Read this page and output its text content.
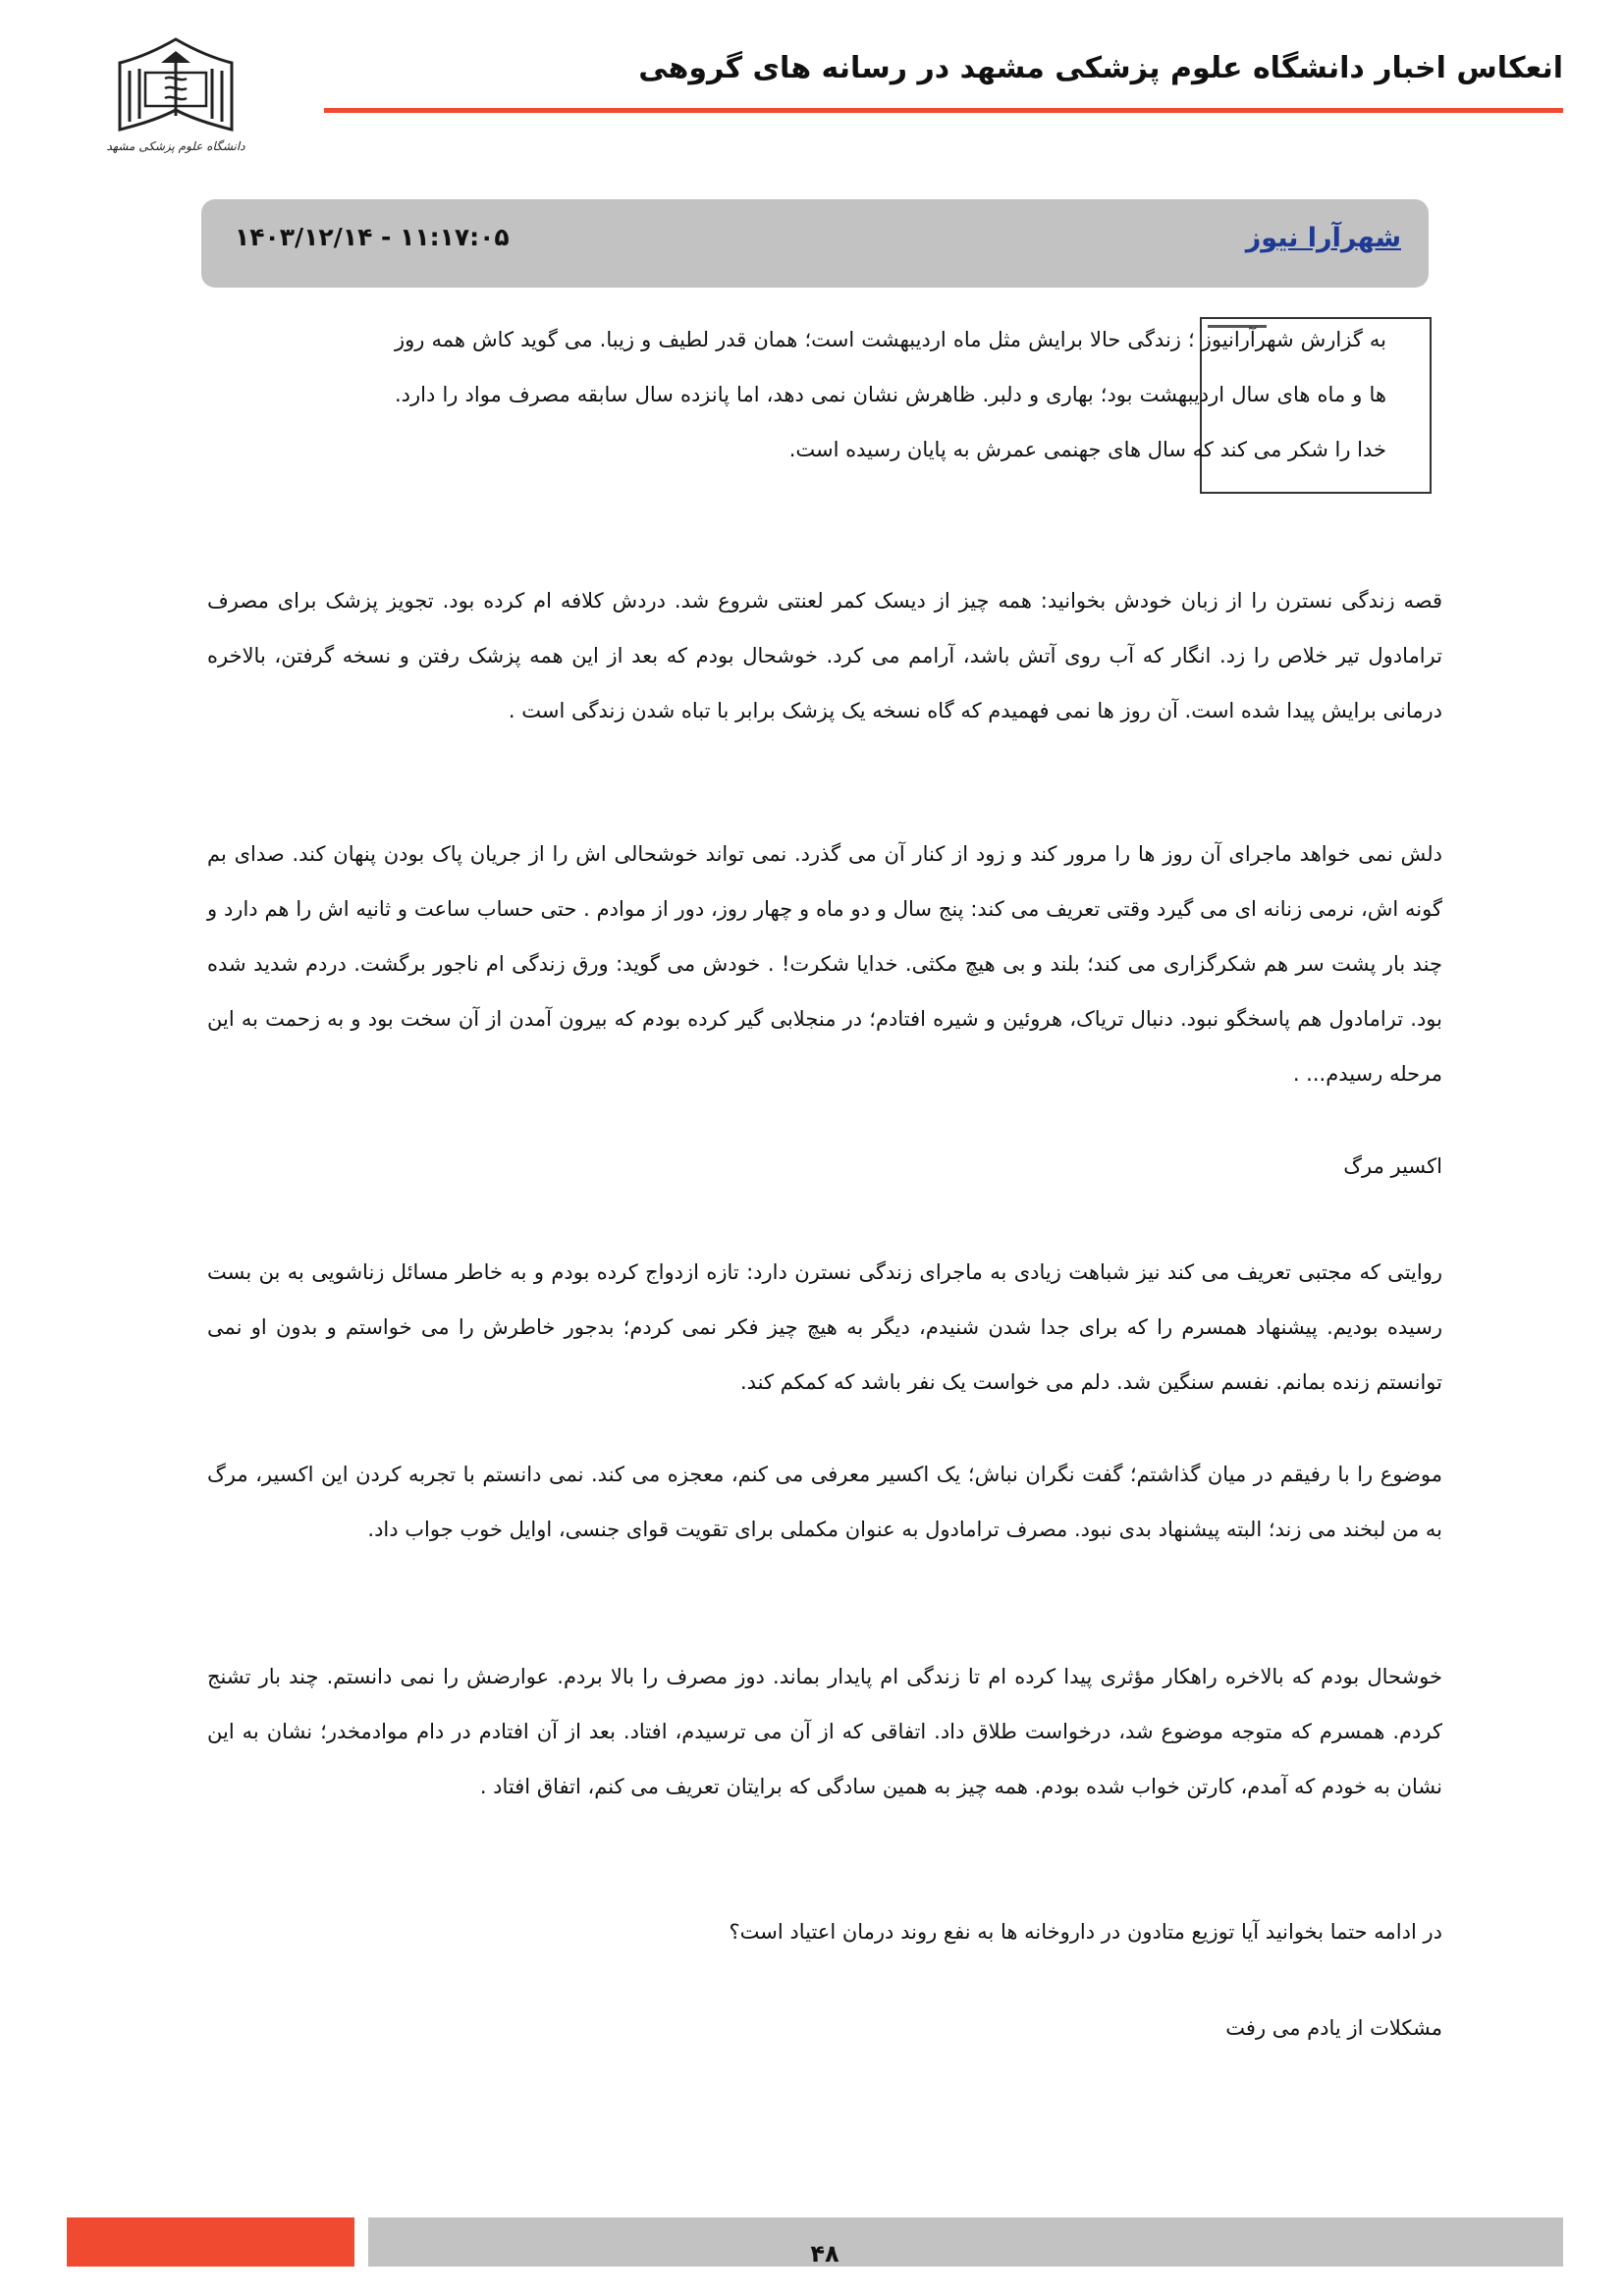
دانشگاه علوم پزشکی مشهد
انعکاس اخبار دانشگاه علوم پزشکی مشهد در رسانه های گروهی
شهرآرا نیوز
۱۴۰۳/۱۲/۱۴ - ۱۱:۱۷:۰۵

به گزارش شهرآرانیوز ؛ زندگی حالا برایش مثل ماه اردیبهشت است؛ همان قدر لطیف و زیبا. می گوید کاش همه روز ها و ماه های سال اردیبهشت بود؛ بهاری و دلبر. ظاهرش نشان نمی دهد، اما پانزده سال سابقه مصرف مواد را دارد. خدا را شکر می کند که سال های جهنمی عمرش به پایان رسیده است.

قصه زندگی نسترن را از زبان خودش بخوانید: همه چیز از دیسک کمر لعنتی شروع شد. دردش کلافه ام کرده بود. تجویز پزشک برای مصرف ترامادول تیر خلاص را زد. انگار که آب روی آتش باشد، آرامم می کرد. خوشحال بودم که بعد از این همه پزشک رفتن و نسخه گرفتن، بالاخره درمانی برایش پیدا شده است. آن روز ها نمی فهمیدم که گاه نسخه یک پزشک برابر با تباه شدن زندگی است .

دلش نمی خواهد ماجرای آن روز ها را مرور کند و زود از کنار آن می گذرد. نمی تواند خوشحالی اش را از جریان پاک بودن پنهان کند. صدای بم گونه اش، نرمی زنانه ای می گیرد وقتی تعریف می کند: پنج سال و دو ماه و چهار روز، دور از موادم . حتی حساب ساعت و ثانیه اش را هم دارد و چند بار پشت سر هم شکرگزاری می کند؛ بلند و بی هیچ مکثی. خدایا شکرت! . خودش می گوید: ورق زندگی ام ناجور برگشت. دردم شدید شده بود. ترامادول هم پاسخگو نبود. دنبال تریاک، هروئین و شیره افتادم؛ در منجلابی گیر کرده بودم که بیرون آمدن از آن سخت بود و به زحمت به این مرحله رسیدم... .

اکسیر مرگ

روایتی که مجتبی تعریف می کند نیز شباهت زیادی به ماجرای زندگی نسترن دارد: تازه ازدواج کرده بودم و به خاطر مسائل زناشویی به بن بست رسیده بودیم. پیشنهاد همسرم را که برای جدا شدن شنیدم، دیگر به هیچ چیز فکر نمی کردم؛ بدجور خاطرش را می خواستم و بدون او نمی توانستم زنده بمانم. نفسم سنگین شد. دلم می خواست یک نفر باشد که کمکم کند.

موضوع را با رفیقم در میان گذاشتم؛ گفت نگران نباش؛ یک اکسیر معرفی می کنم، معجزه می کند. نمی دانستم با تجربه کردن این اکسیر، مرگ به من لبخند می زند؛ البته پیشنهاد بدی نبود. مصرف ترامادول به عنوان مکملی برای تقویت قوای جنسی، اوایل خوب جواب داد.

خوشحال بودم که بالاخره راهکار مؤثری پیدا کرده ام تا زندگی ام پایدار بماند. دوز مصرف را بالا بردم. عوارضش را نمی دانستم. چند بار تشنج کردم. همسرم که متوجه موضوع شد، درخواست طلاق داد. اتفاقی که از آن می ترسیدم، افتاد. بعد از آن افتادم در دام موادمخدر؛ نشان به این نشان به خودم که آمدم، کارتن خواب شده بودم. همه چیز به همین سادگی که برایتان تعریف می کنم، اتفاق افتاد .

در ادامه حتما بخوانید آیا توزیع متادون در داروخانه ها به نفع روند درمان اعتیاد است؟

مشکلات از یادم می رفت

۴۸
